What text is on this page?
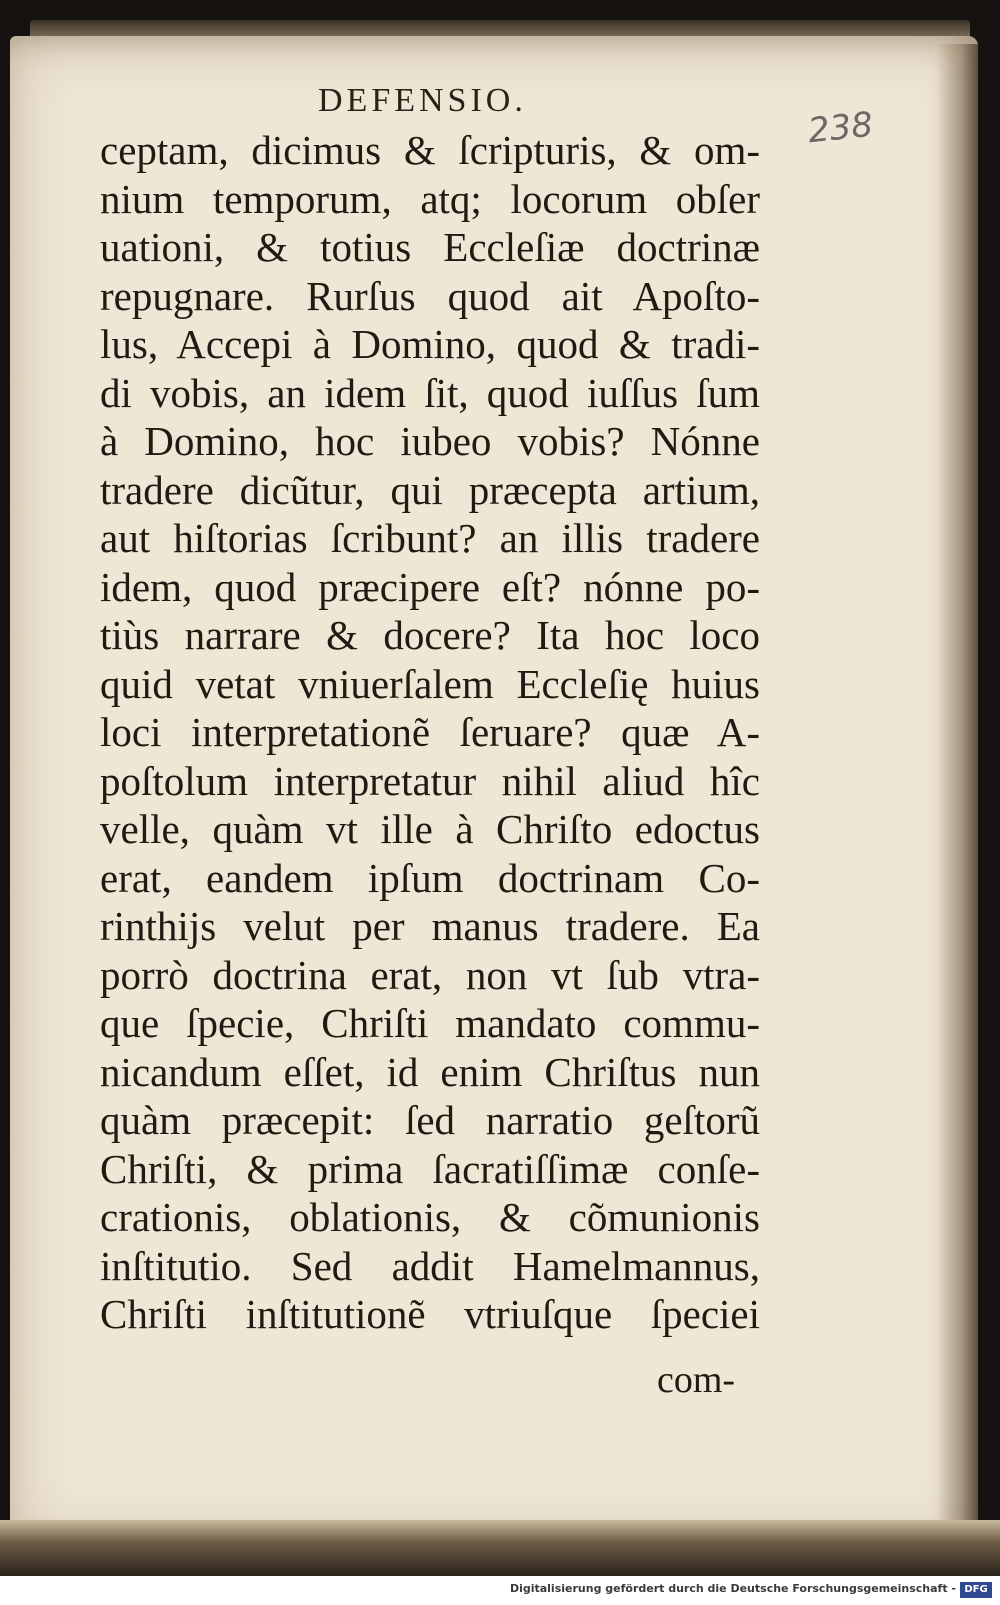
DEFENSIO.
238
ceptam, dicimus & ſcripturis, & om-
nium temporum, atq; locorum obſer
uationi, & totius Eccleſiæ doctrinæ
repugnare. Rurſus quod ait Apoſto-
lus, Accepi à Domino, quod & tradi-
di vobis, an idem ſit, quod iuſſus ſum
à Domino, hoc iubeo vobis? Nónne
tradere dicũtur, qui præcepta artium,
aut hiſtorias ſcribunt? an illis tradere
idem, quod præcipere eſt? nónne po-
tiùs narrare & docere? Ita hoc loco
quid vetat vniuerſalem Eccleſię huius
loci interpretationẽ ſeruare? quæ A-
poſtolum interpretatur nihil aliud hîc
velle, quàm vt ille à Chriſto edoctus
erat, eandem ipſum doctrinam Co-
rinthijs velut per manus tradere. Ea
porrò doctrina erat, non vt ſub vtra-
que ſpecie, Chriſti mandato commu-
nicandum eſſet, id enim Chriſtus nun
quàm præcepit: ſed narratio geſtorũ
Chriſti, & prima ſacratiſſimæ conſe-
crationis, oblationis, & cõmunionis
inſtitutio. Sed addit Hamelmannus,
Chriſti inſtitutionẽ vtriuſque ſpeciei
com-
Digitalisierung gefördert durch die Deutsche Forschungsgemeinschaft - DFG
